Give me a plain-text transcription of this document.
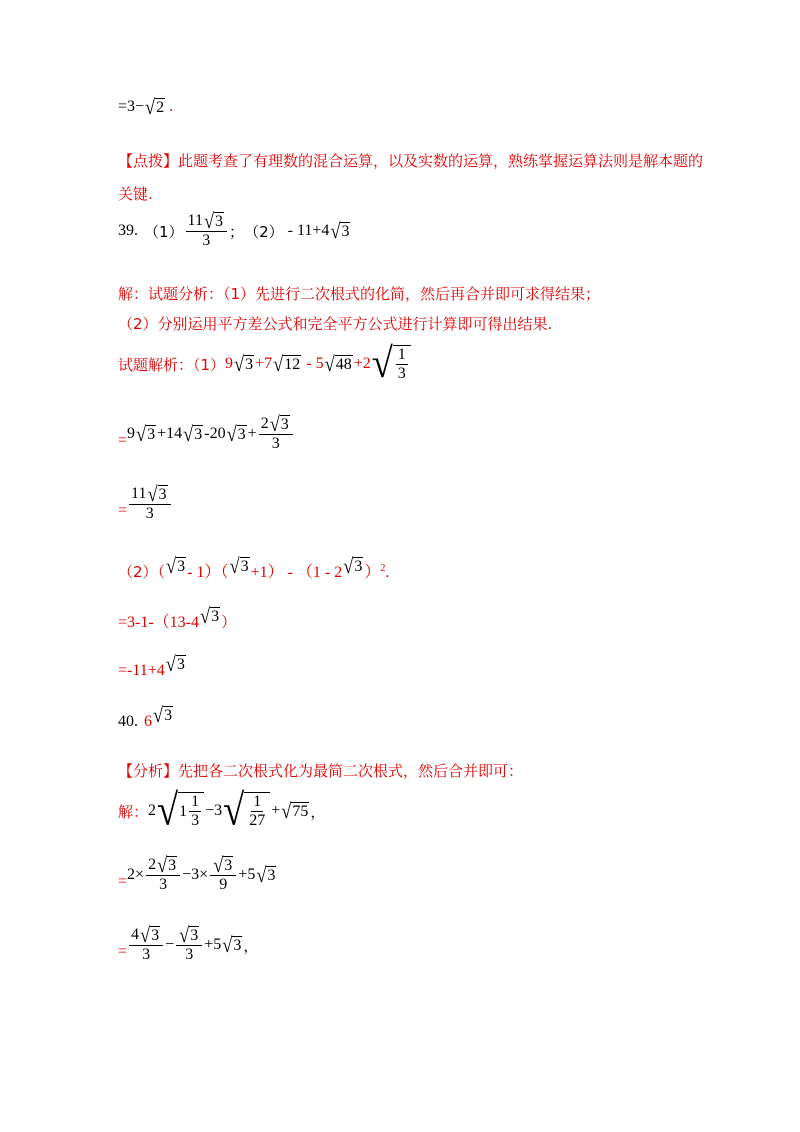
=3− √ 2 .
【点拨】此题考查了有理数的混合运算，以及实数的运算，熟练掌握运算法则是解本题的
关键.
39. $(1) \frac{11 √ 3}{3}$ ； （2） - 11+4 √ 3
解：试题分析：（1）先进行二次根式的化简，然后再合并即可求得结果；
（2）分别运用平方差公式和完全平方公式进行计算即可得出结果.
试题解析：（1） 9 √ 3 +7 √ 12 - 5 √ 48 +2 √ $\frac{1}{3}$
= 9 √ 3 +14 √ 3 -20 √ $3 + \frac{2 √ 3}{3}$
= $\frac{11 √ 3}{3}$
（2）（ √ 3 - 1）（ √ 3 +1） - （1 - 2 √ 3 ） 2 .
=3-1-（13-4 √ 3 ）
=-11+4 √ 3
40. 6 √ 3
【分析】先把各二次根式化为最简二次根式，然后合并即可：
解： 2 √ $1 \frac{1}{3} -3$ √ $\frac{1}{27}$ + √ 75 ，
= $2\times \frac{2 √ 3}{3} -3\times \frac{√ 3}{9} +5$ √ 3
= $\frac{4 √ 3}{3} - \frac{√ 3}{3} +5$ √ 3 ，
